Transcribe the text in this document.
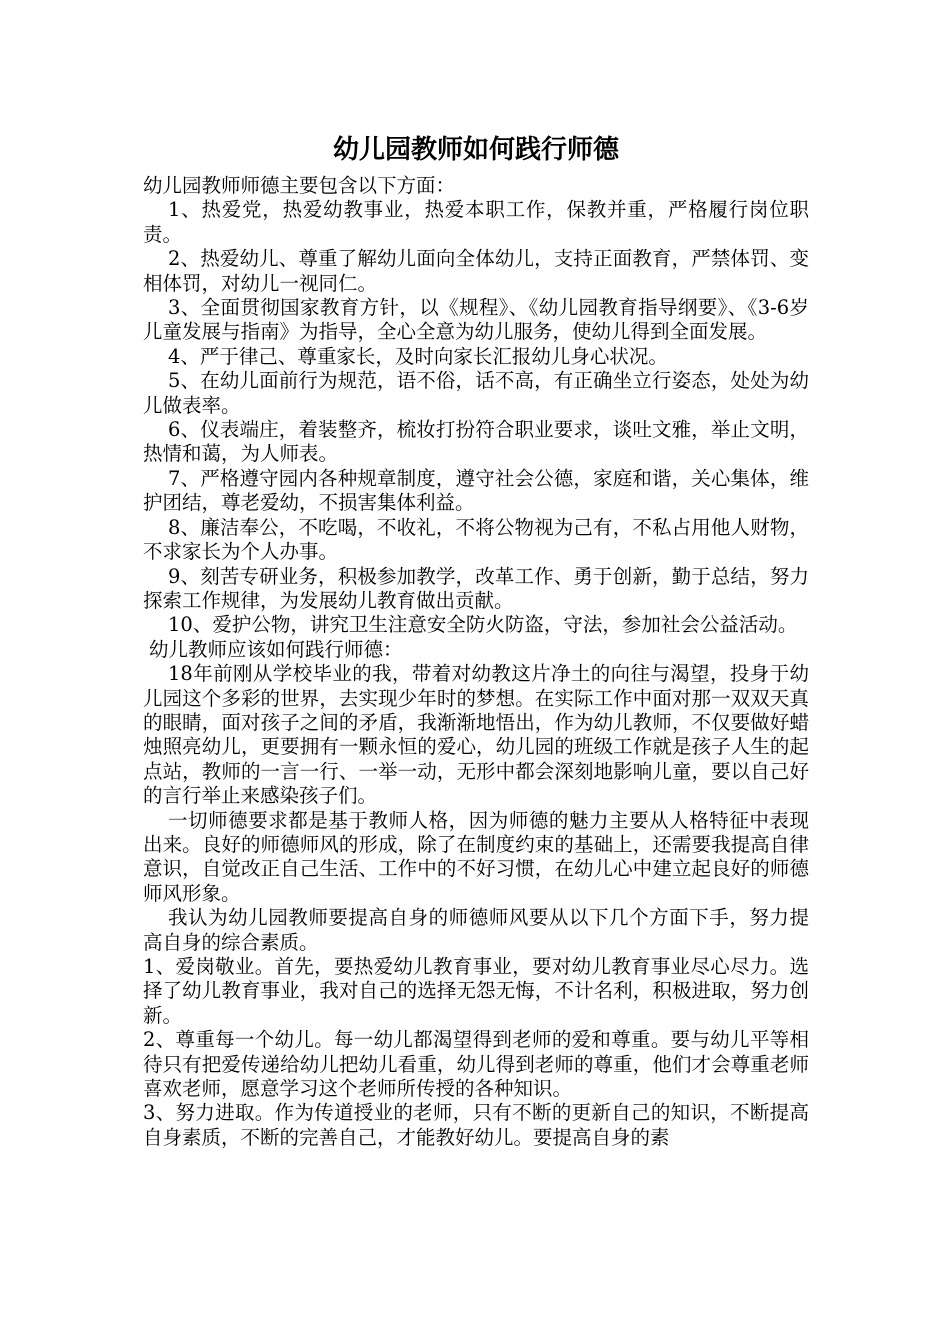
幼儿园教师如何践行师德

幼儿园教师师德主要包含以下方面：

1、热爱党，热爱幼教事业，热爱本职工作，保教并重，严格履行岗位职责。

2、热爱幼儿、尊重了解幼儿面向全体幼儿，支持正面教育，严禁体罚、变相体罚，对幼儿一视同仁。

3、全面贯彻国家教育方针，以《规程》、《幼儿园教育指导纲要》、《3-6岁儿童发展与指南》为指导，全心全意为幼儿服务，使幼儿得到全面发展。

4、严于律己、尊重家长，及时向家长汇报幼儿身心状况。

5、在幼儿面前行为规范，语不俗，话不高，有正确坐立行姿态，处处为幼儿做表率。

6、仪表端庄，着装整齐，梳妆打扮符合职业要求，谈吐文雅，举止文明，热情和蔼，为人师表。

7、严格遵守园内各种规章制度，遵守社会公德，家庭和谐，关心集体，维护团结，尊老爱幼，不损害集体利益。

8、廉洁奉公，不吃喝，不收礼，不将公物视为己有，不私占用他人财物，不求家长为个人办事。

9、刻苦专研业务，积极参加教学，改革工作、勇于创新，勤于总结，努力探索工作规律，为发展幼儿教育做出贡献。

10、爱护公物，讲究卫生注意安全防火防盗，守法，参加社会公益活动。

幼儿教师应该如何践行师德：

18年前刚从学校毕业的我，带着对幼教这片净土的向往与渴望，投身于幼儿园这个多彩的世界，去实现少年时的梦想。在实际工作中面对那一双双天真的眼睛，面对孩子之间的矛盾，我渐渐地悟出，作为幼儿教师，不仅要做好蜡烛照亮幼儿，更要拥有一颗永恒的爱心，幼儿园的班级工作就是孩子人生的起点站，教师的一言一行、一举一动，无形中都会深刻地影响儿童，要以自己好的言行举止来感染孩子们。

一切师德要求都是基于教师人格，因为师德的魅力主要从人格特征中表现出来。良好的师德师风的形成，除了在制度约束的基础上，还需要我提高自律意识，自觉改正自己生活、工作中的不好习惯，在幼儿心中建立起良好的师德师风形象。

我认为幼儿园教师要提高自身的师德师风要从以下几个方面下手，努力提高自身的综合素质。

1、爱岗敬业。首先，要热爱幼儿教育事业，要对幼儿教育事业尽心尽力。选择了幼儿教育事业，我对自己的选择无怨无悔，不计名利，积极进取，努力创新。

2、尊重每一个幼儿。每一幼儿都渴望得到老师的爱和尊重。要与幼儿平等相待只有把爱传递给幼儿把幼儿看重，幼儿得到老师的尊重，他们才会尊重老师喜欢老师，愿意学习这个老师所传授的各种知识。

3、努力进取。作为传道授业的老师，只有不断的更新自己的知识，不断提高自身素质，不断的完善自己，才能教好幼儿。要提高自身的素
